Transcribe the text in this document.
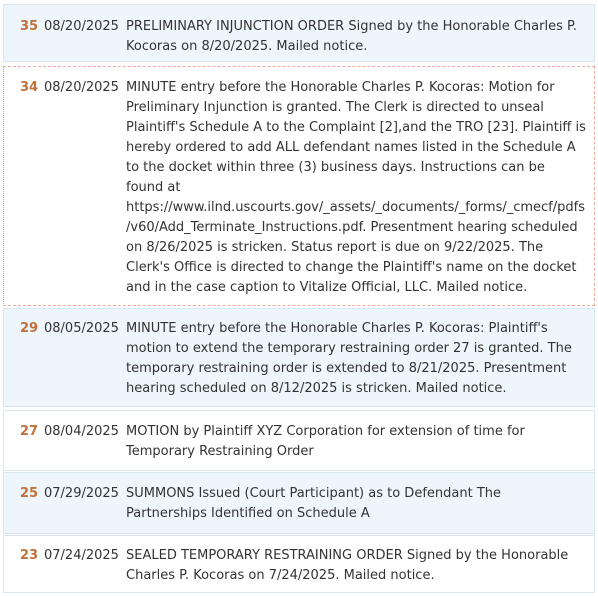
35 08/20/2025 PRELIMINARY INJUNCTION ORDER Signed by the Honorable Charles P. Kocoras on 8/20/2025. Mailed notice.
34 08/20/2025 MINUTE entry before the Honorable Charles P. Kocoras: Motion for Preliminary Injunction is granted. The Clerk is directed to unseal Plaintiff's Schedule A to the Complaint [2],and the TRO [23]. Plaintiff is hereby ordered to add ALL defendant names listed in the Schedule A to the docket within three (3) business days. Instructions can be found at https://www.ilnd.uscourts.gov/_assets/_documents/_forms/_cmecf/pdfs/v60/Add_Terminate_Instructions.pdf. Presentment hearing scheduled on 8/26/2025 is stricken. Status report is due on 9/22/2025. The Clerk's Office is directed to change the Plaintiff's name on the docket and in the case caption to Vitalize Official, LLC. Mailed notice.
29 08/05/2025 MINUTE entry before the Honorable Charles P. Kocoras: Plaintiff's motion to extend the temporary restraining order 27 is granted. The temporary restraining order is extended to 8/21/2025. Presentment hearing scheduled on 8/12/2025 is stricken. Mailed notice.
27 08/04/2025 MOTION by Plaintiff XYZ Corporation for extension of time for Temporary Restraining Order
25 07/29/2025 SUMMONS Issued (Court Participant) as to Defendant The Partnerships Identified on Schedule A
23 07/24/2025 SEALED TEMPORARY RESTRAINING ORDER Signed by the Honorable Charles P. Kocoras on 7/24/2025. Mailed notice.
